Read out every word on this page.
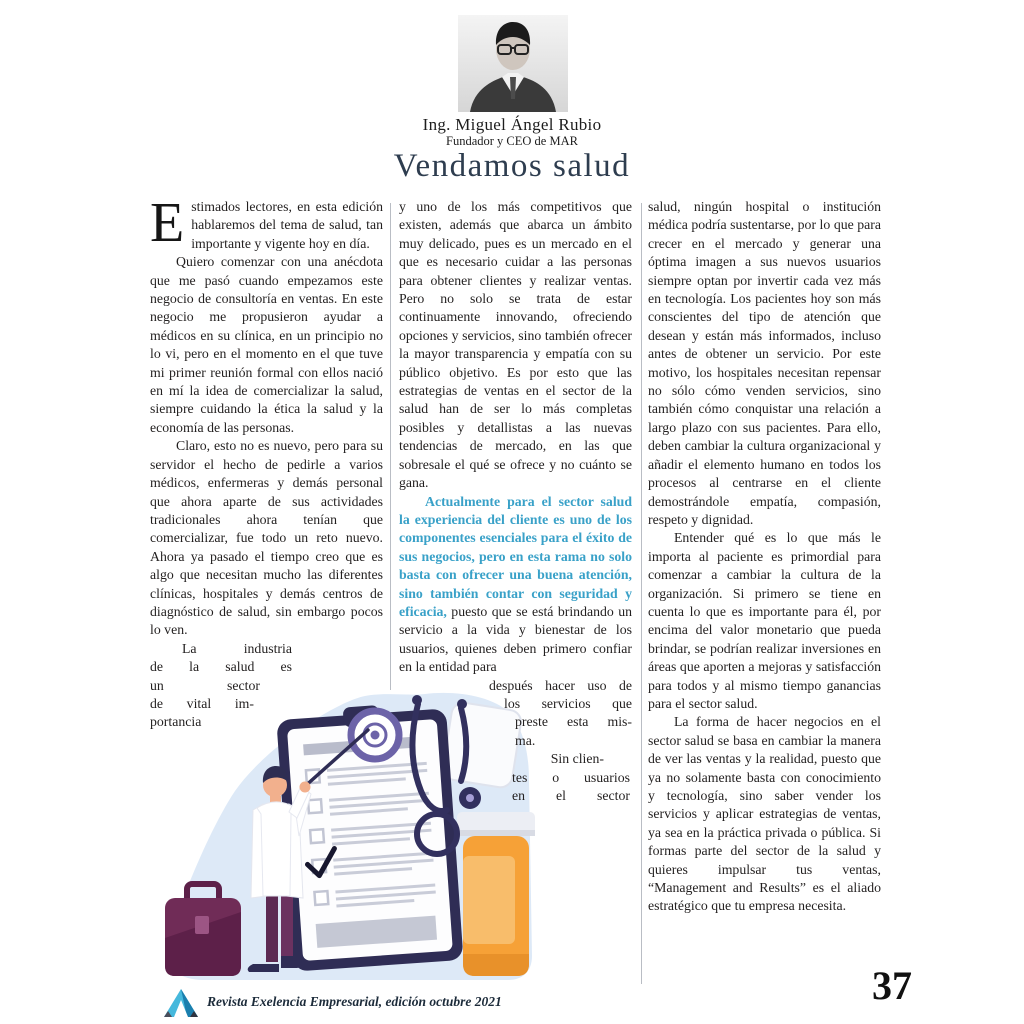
Ing. Miguel Ángel Rubio
Fundador y CEO de MAR
Vendamos salud

Estimados lectores, en esta edición hablaremos del tema de salud, tan importante y vigente hoy en día.

Quiero comenzar con una anécdota que me pasó cuando empezamos este negocio de consultoría en ventas. En este negocio me propusieron ayudar a médicos en su clínica, en un principio no lo vi, pero en el momento en el que tuve mi primer reunión formal con ellos nació en mí la idea de comercializar la salud, siempre cuidando la ética la salud y la economía de las personas.

Claro, esto no es nuevo, pero para su servidor el hecho de pedirle a varios médicos, enfermeras y demás personal que ahora aparte de sus actividades tradicionales ahora tenían que comercializar, fue todo un reto nuevo. Ahora ya pasado el tiempo creo que es algo que necesitan mucho las diferentes clínicas, hospitales y demás centros de diagnóstico de salud, sin embargo pocos lo ven.

La industria
de la salud es
un sector
de vital im-
portancia

y uno de los más competitivos que existen, además que abarca un ámbito muy delicado, pues es un mercado en el que es necesario cuidar a las personas para obtener clientes y realizar ventas. Pero no solo se trata de estar continuamente innovando, ofreciendo opciones y servicios, sino también ofrecer la mayor transparencia y empatía con su público objetivo. Es por esto que las estrategias de ventas en el sector de la salud han de ser lo más completas posibles y detallistas a las nuevas tendencias de mercado, en las que sobresale el qué se ofrece y no cuánto se gana.

Actualmente para el sector salud la experiencia del cliente es uno de los componentes esenciales para el éxito de sus negocios, pero en esta rama no solo basta con ofrecer una buena atención, sino también contar con seguridad y eficacia, puesto que se está brindando un servicio a la vida y bienestar de los usuarios, quienes deben primero confiar en la entidad para

después hacer uso de
los servicios que
preste esta mis-
ma.
Sin clien-
tes o usuarios
en el sector

salud, ningún hospital o institución médica podría sustentarse, por lo que para crecer en el mercado y generar una óptima imagen a sus nuevos usuarios siempre optan por invertir cada vez más en tecnología. Los pacientes hoy son más conscientes del tipo de atención que desean y están más informados, incluso antes de obtener un servicio. Por este motivo, los hospitales necesitan repensar no sólo cómo venden servicios, sino también cómo conquistar una relación a largo plazo con sus pacientes. Para ello, deben cambiar la cultura organizacional y añadir el elemento humano en todos los procesos al centrarse en el cliente demostrándole empatía, compasión, respeto y dignidad.

Entender qué es lo que más le importa al paciente es primordial para comenzar a cambiar la cultura de la organización. Si primero se tiene en cuenta lo que es importante para él, por encima del valor monetario que pueda brindar, se podrían realizar inversiones en áreas que aporten a mejoras y satisfacción para todos y al mismo tiempo ganancias para el sector salud.

La forma de hacer negocios en el sector salud se basa en cambiar la manera de ver las ventas y la realidad, puesto que ya no solamente basta con conocimiento y tecnología, sino saber vender los servicios y aplicar estrategias de ventas, ya sea en la práctica privada o pública. Si formas parte del sector de la salud y quieres impulsar tus ventas, “Management and Results” es el aliado estratégico que tu empresa necesita.

Revista Exelencia Empresarial, edición octubre 2021	37
